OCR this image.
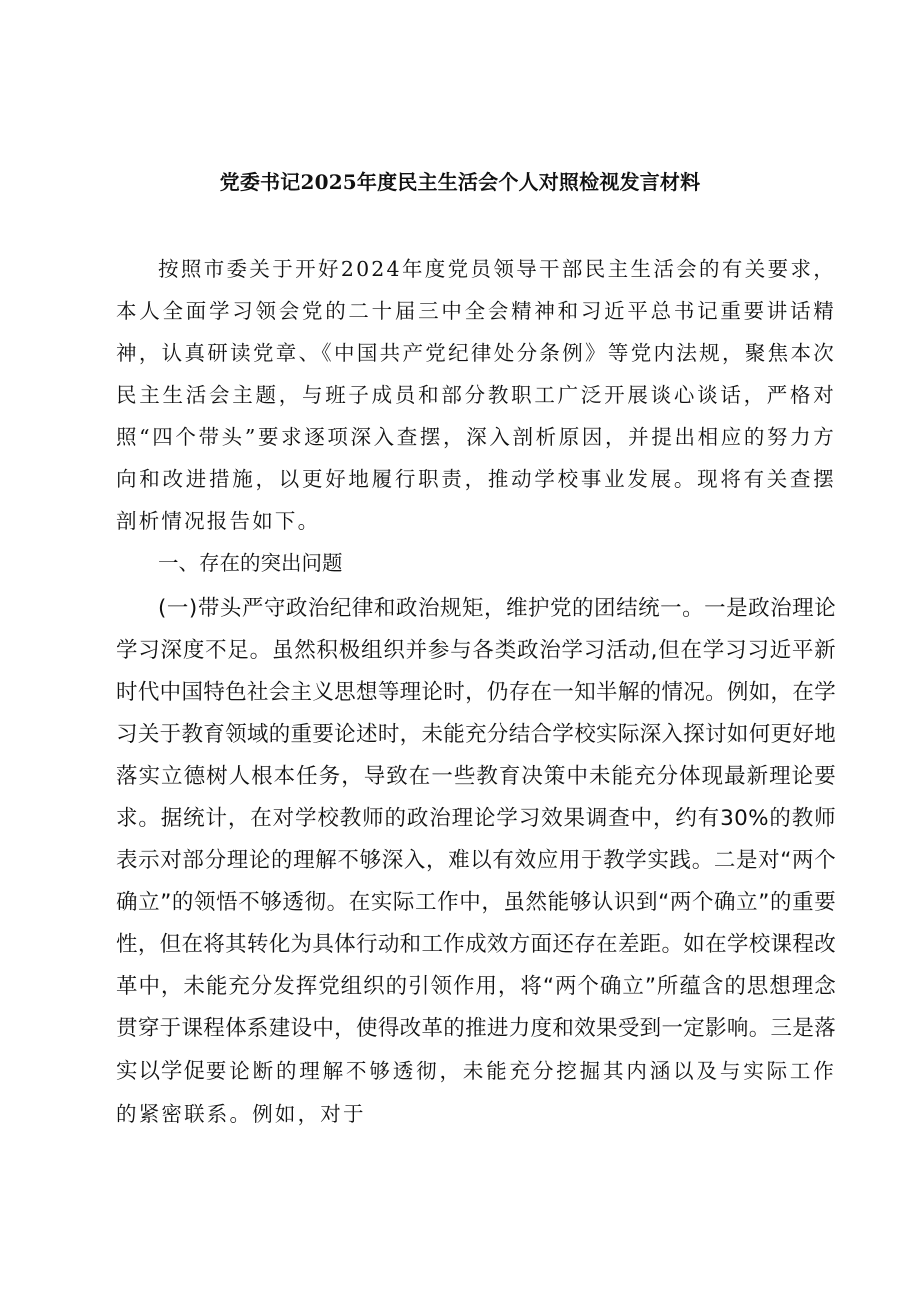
党委书记2025年度民主生活会个人对照检视发言材料

按照市委关于开好2024年度党员领导干部民主生活会的有关要求，本人全面学习领会党的二十届三中全会精神和习近平总书记重要讲话精神，认真研读党章、《中国共产党纪律处分条例》等党内法规，聚焦本次民主生活会主题，与班子成员和部分教职工广泛开展谈心谈话，严格对照“四个带头”要求逐项深入查摆，深入剖析原因，并提出相应的努力方向和改进措施，以更好地履行职责，推动学校事业发展。现将有关查摆剖析情况报告如下。

一、存在的突出问题

(一)带头严守政治纪律和政治规矩，维护党的团结统一。一是政治理论学习深度不足。虽然积极组织并参与各类政治学习活动,但在学习习近平新时代中国特色社会主义思想等理论时，仍存在一知半解的情况。例如，在学习关于教育领域的重要论述时，未能充分结合学校实际深入探讨如何更好地落实立德树人根本任务，导致在一些教育决策中未能充分体现最新理论要求。据统计，在对学校教师的政治理论学习效果调查中，约有30%的教师表示对部分理论的理解不够深入，难以有效应用于教学实践。二是对“两个确立”的领悟不够透彻。在实际工作中，虽然能够认识到“两个确立”的重要性，但在将其转化为具体行动和工作成效方面还存在差距。如在学校课程改革中，未能充分发挥党组织的引领作用，将“两个确立”所蕴含的思想理念贯穿于课程体系建设中，使得改革的推进力度和效果受到一定影响。三是落实以学促要论断的理解不够透彻，未能充分挖掘其内涵以及与实际工作的紧密联系。例如，对于
